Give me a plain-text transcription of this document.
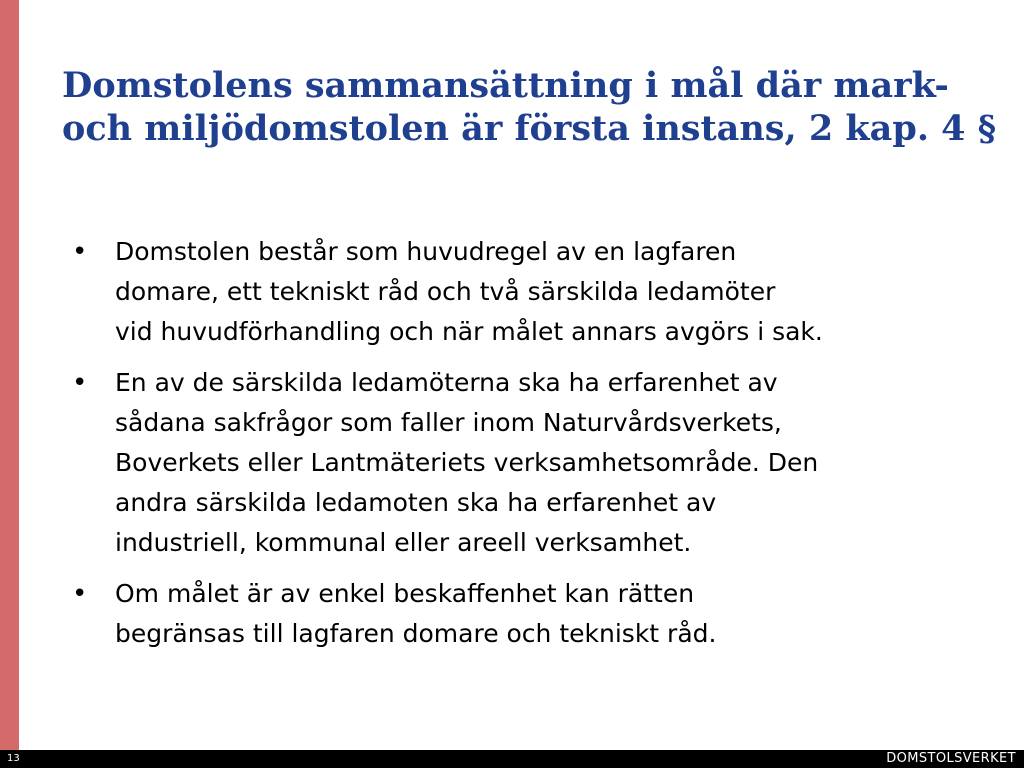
Domstolens sammansättning i mål där mark-
och miljödomstolen är första instans, 2 kap. 4 §
• Domstolen består som huvudregel av en lagfaren
domare, ett tekniskt råd och två särskilda ledamöter
vid huvudförhandling och när målet annars avgörs i sak.
• En av de särskilda ledamöterna ska ha erfarenhet av
sådana sakfrågor som faller inom Naturvårdsverkets,
Boverkets eller Lantmäteriets verksamhetsområde. Den
andra särskilda ledamoten ska ha erfarenhet av
industriell, kommunal eller areell verksamhet.
• Om målet är av enkel beskaffenhet kan rätten
begränsas till lagfaren domare och tekniskt råd.
13	DOMSTOLSVERKET
